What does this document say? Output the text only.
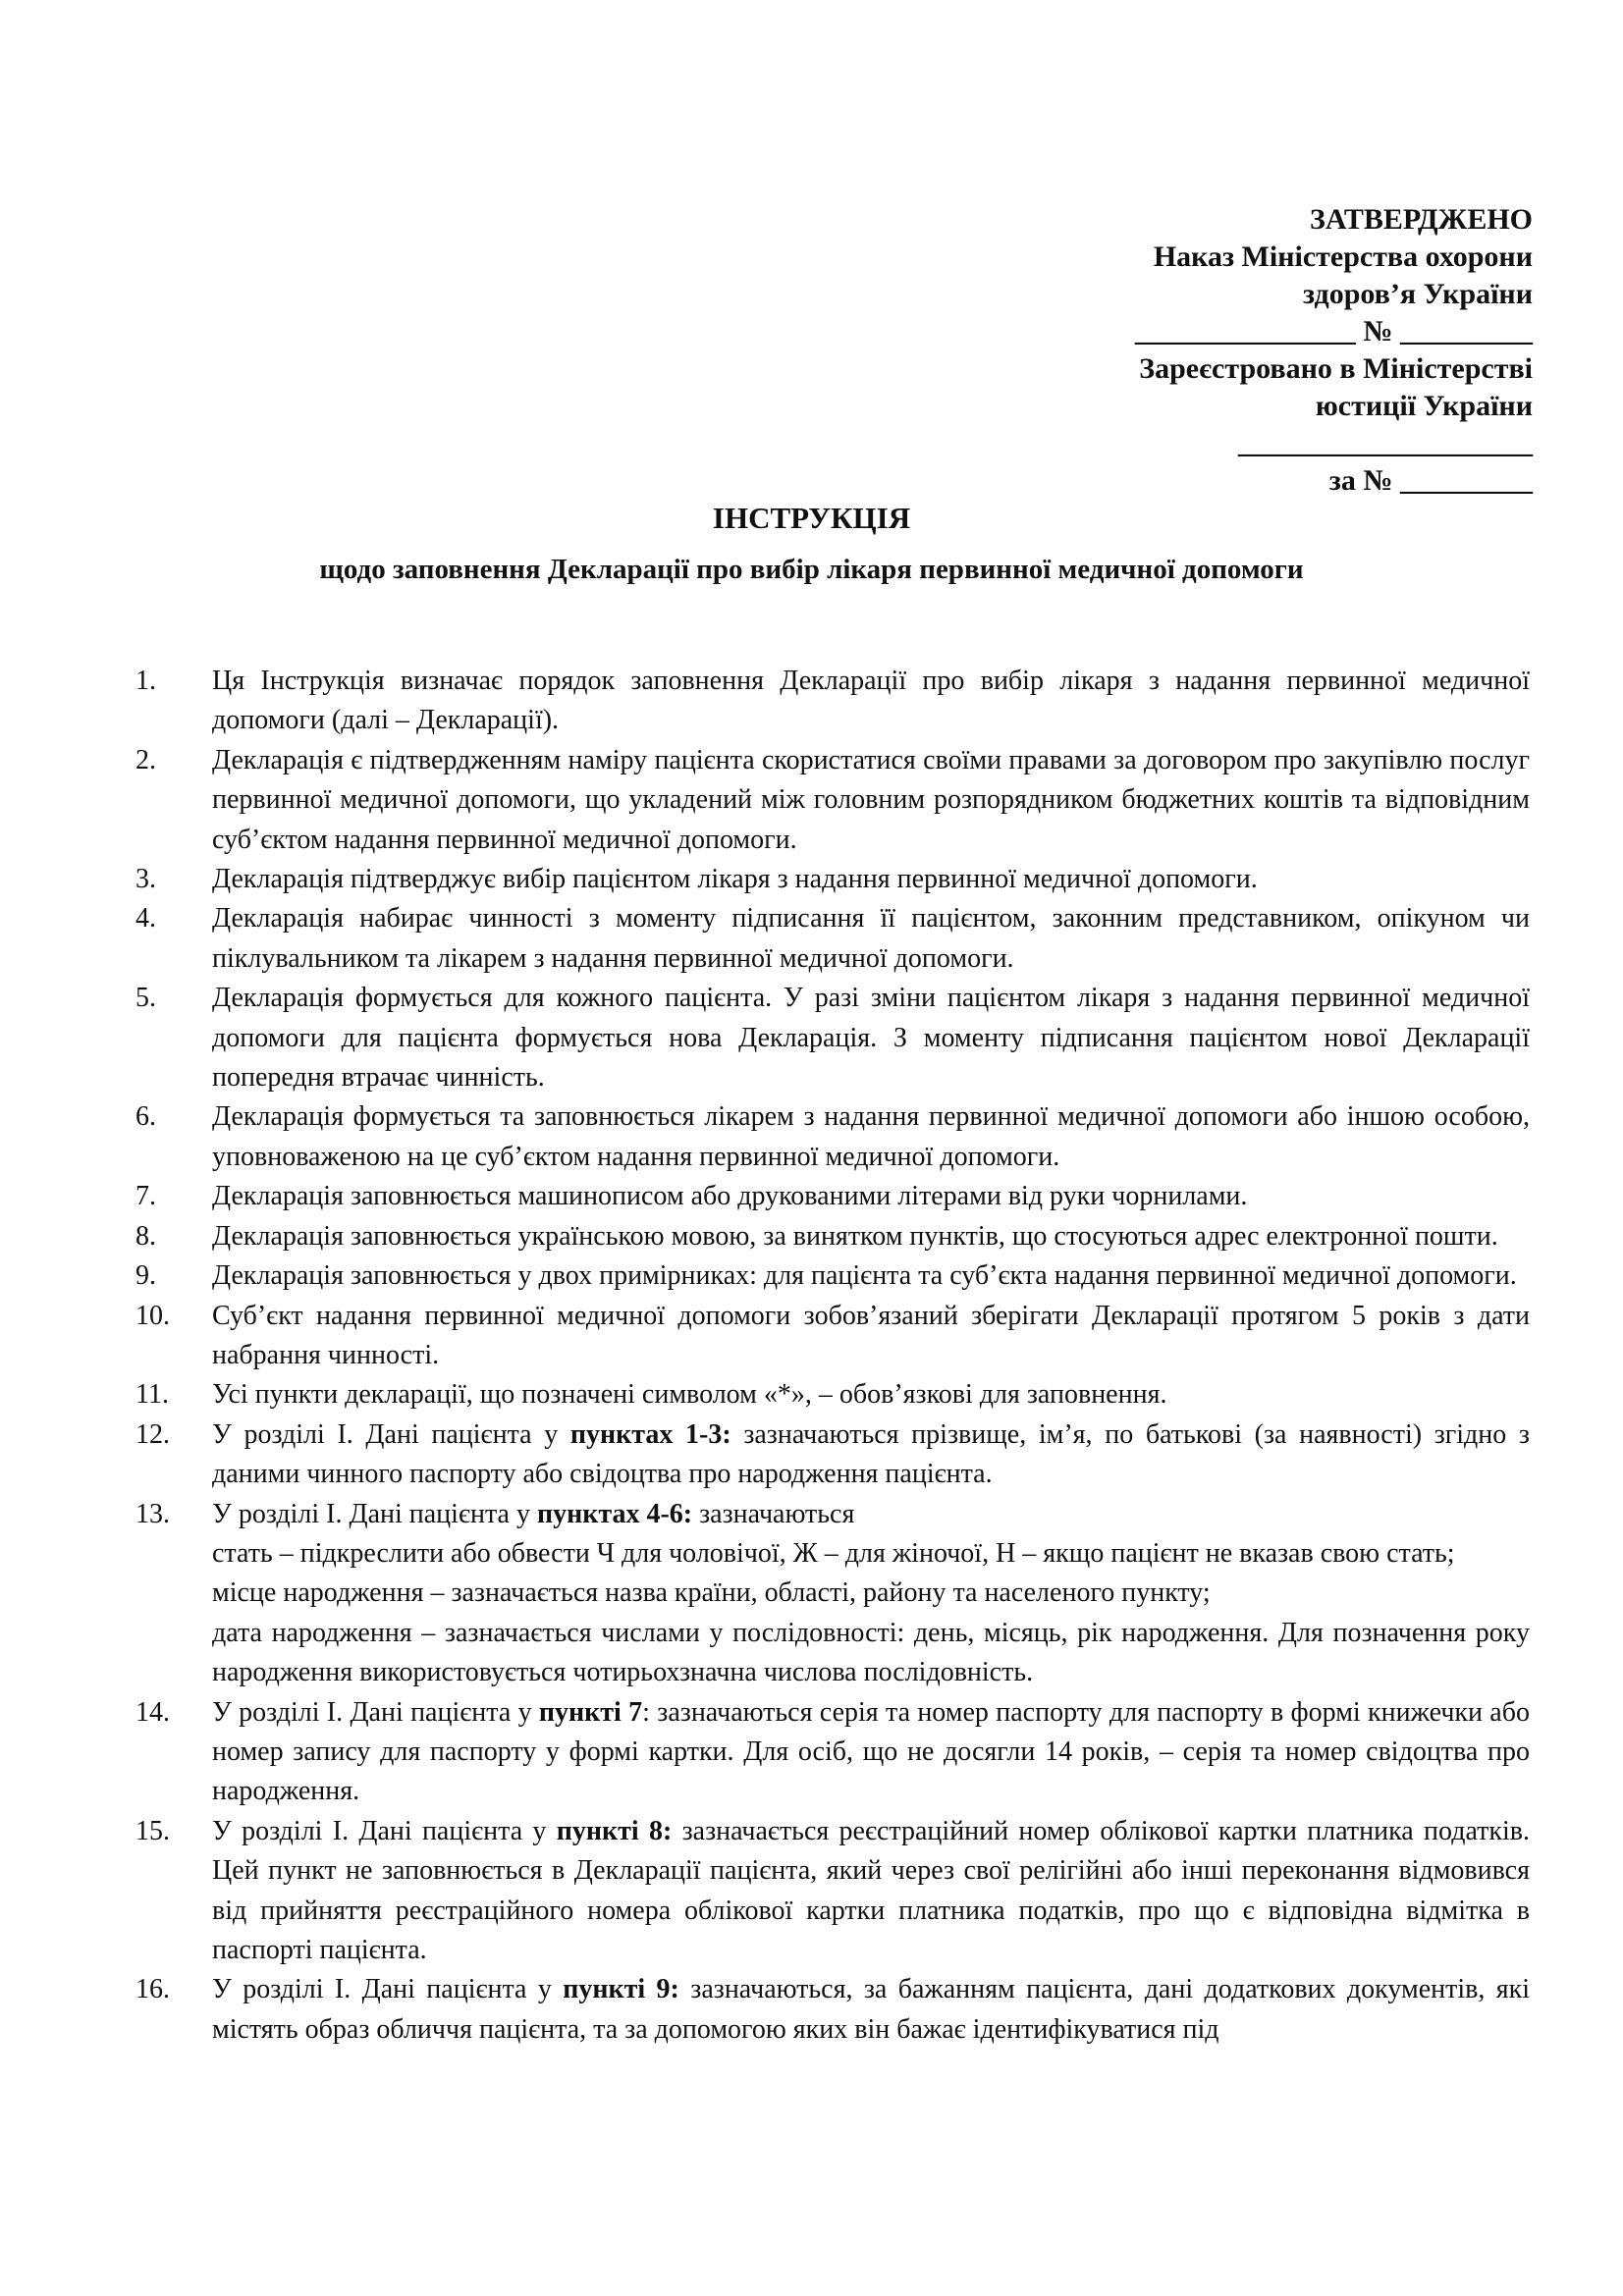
ЗАТВЕРДЖЕНО
Наказ Міністерства охорони
здоров’я України
_______________ № _________
Зареєстровано в Міністерстві
юстиції України
____________________
за № _________
ІНСТРУКЦІЯ
щодо заповнення Декларації про вибір лікаря первинної медичної допомоги
1.	Ця Інструкція визначає порядок заповнення Декларації про вибір лікаря з надання первинної медичної допомоги (далі – Декларації).
2.	Декларація є підтвердженням наміру пацієнта скористатися своїми правами за договором про закупівлю послуг первинної медичної допомоги, що укладений між головним розпорядником бюджетних коштів та відповідним суб’єктом надання первинної медичної допомоги.
3.	Декларація підтверджує вибір пацієнтом лікаря з надання первинної медичної допомоги.
4.	Декларація набирає чинності з моменту підписання її пацієнтом, законним представником, опікуном чи піклувальником та лікарем з надання первинної медичної допомоги.
5.	Декларація формується для кожного пацієнта. У разі зміни пацієнтом лікаря з надання первинної медичної допомоги для пацієнта формується нова Декларація. З моменту підписання пацієнтом нової Декларації попередня втрачає чинність.
6.	Декларація формується та заповнюється лікарем з надання первинної медичної допомоги або іншою особою, уповноваженою на це суб’єктом надання первинної медичної допомоги.
7.	Декларація заповнюється машинописом або друкованими літерами від руки чорнилами.
8.	Декларація заповнюється українською мовою, за винятком пунктів, що стосуються адрес електронної пошти.
9.	Декларація заповнюється у двох примірниках: для пацієнта та суб’єкта надання первинної медичної допомоги.
10.	Суб’єкт надання первинної медичної допомоги зобов’язаний зберігати Декларації протягом 5 років з дати набрання чинності.
11.	Усі пункти декларації, що позначені символом «*», – обов’язкові для заповнення.
12.	У розділі І. Дані пацієнта у пунктах 1-3: зазначаються прізвище, ім’я, по батькові (за наявності) згідно з даними чинного паспорту або свідоцтва про народження пацієнта.
13.	У розділі І. Дані пацієнта у пунктах 4-6: зазначаються

стать – підкреслити або обвести Ч для чоловічої, Ж – для жіночої, Н – якщо пацієнт не вказав свою стать;

місце народження – зазначається назва країни, області, району та населеного пункту;

дата народження – зазначається числами у послідовності: день, місяць, рік народження. Для позначення року народження використовується чотирьохзначна числова послідовність.

14.	У розділі І. Дані пацієнта у пункті 7: зазначаються серія та номер паспорту для паспорту в формі книжечки або номер запису для паспорту у формі картки. Для осіб, що не досягли 14 років, – серія та номер свідоцтва про народження.
15.	У розділі І. Дані пацієнта у пункті 8: зазначається реєстраційний номер облікової картки платника податків. Цей пункт не заповнюється в Декларації пацієнта, який через свої релігійні або інші переконання відмовився від прийняття реєстраційного номера облікової картки платника податків, про що є відповідна відмітка в паспорті пацієнта.
16.	У розділі І. Дані пацієнта у пункті 9: зазначаються, за бажанням пацієнта, дані додаткових документів, які містять образ обличчя пацієнта, та за допомогою яких він бажає ідентифікуватися під
